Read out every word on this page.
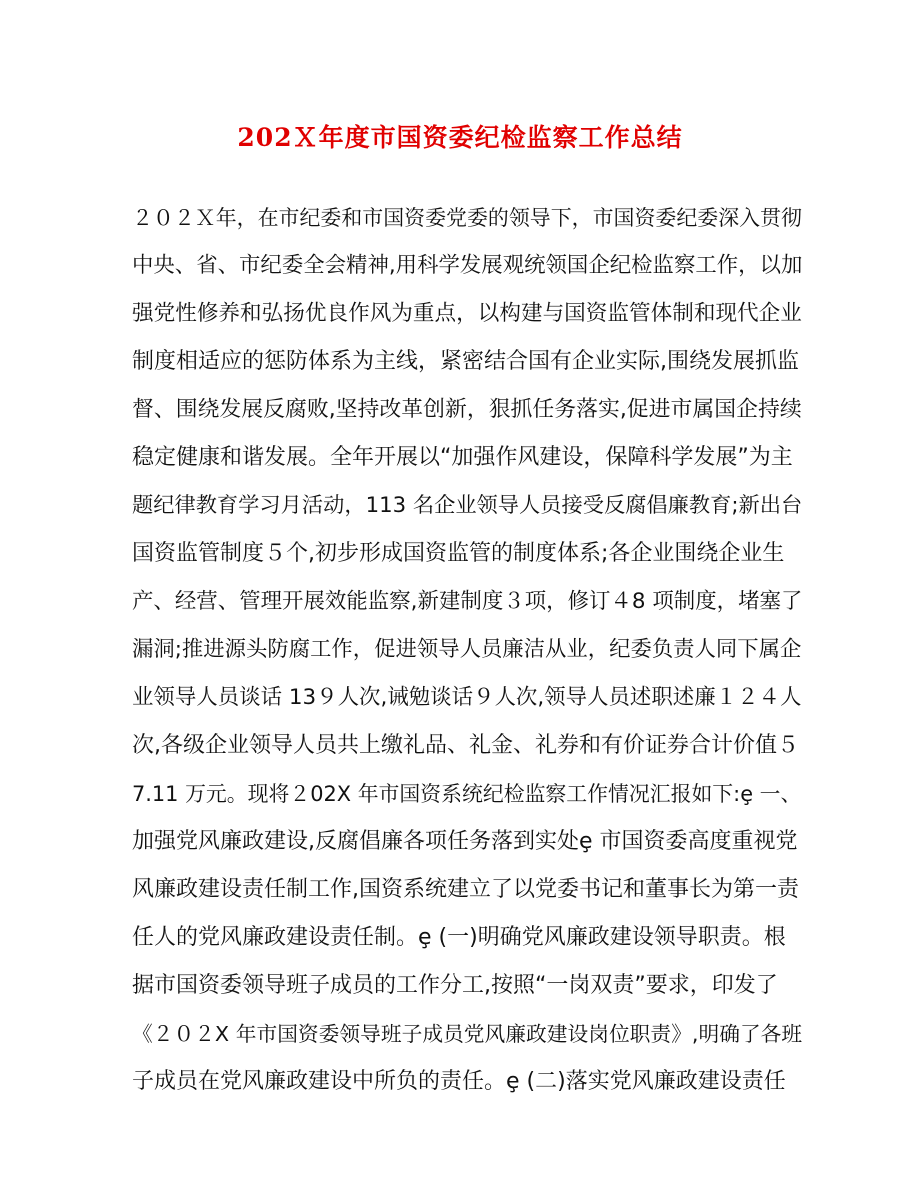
202Ｘ年度市国资委纪检监察工作总结
２０２Ｘ年，在市纪委和市国资委党委的领导下，市国资委纪委深入贯彻
中央、省、市纪委全会精神,用科学发展观统领国企纪检监察工作，以加
强党性修养和弘扬优良作风为重点，以构建与国资监管体制和现代企业
制度相适应的惩防体系为主线，紧密结合国有企业实际,围绕发展抓监
督、围绕发展反腐败,坚持改革创新，狠抓任务落实,促进市属国企持续
稳定健康和谐发展。全年开展以“加强作风建设，保障科学发展”为主
题纪律教育学习月活动，113 名企业领导人员接受反腐倡廉教育;新出台
国资监管制度５个,初步形成国资监管的制度体系;各企业围绕企业生
产、经营、管理开展效能监察,新建制度３项，修订４8 项制度，堵塞了
漏洞;推进源头防腐工作，促进领导人员廉洁从业，纪委负责人同下属企
业领导人员谈话 13９人次,诫勉谈话９人次,领导人员述职述廉１２４人
次,各级企业领导人员共上缴礼品、礼金、礼券和有价证券合计价值５
7.11 万元。现将２02X 年市国资系统纪检监察工作情况汇报如下:ȩ 一、
加强党风廉政建设,反腐倡廉各项任务落到实处ȩ 市国资委高度重视党
风廉政建设责任制工作,国资系统建立了以党委书记和董事长为第一责
任人的党风廉政建设责任制。ȩ (一)明确党风廉政建设领导职责。根
据市国资委领导班子成员的工作分工,按照“一岗双责”要求，印发了
《２０２X 年市国资委领导班子成员党风廉政建设岗位职责》,明确了各班
子成员在党风廉政建设中所负的责任。ȩ (二)落实党风廉政建设责任
